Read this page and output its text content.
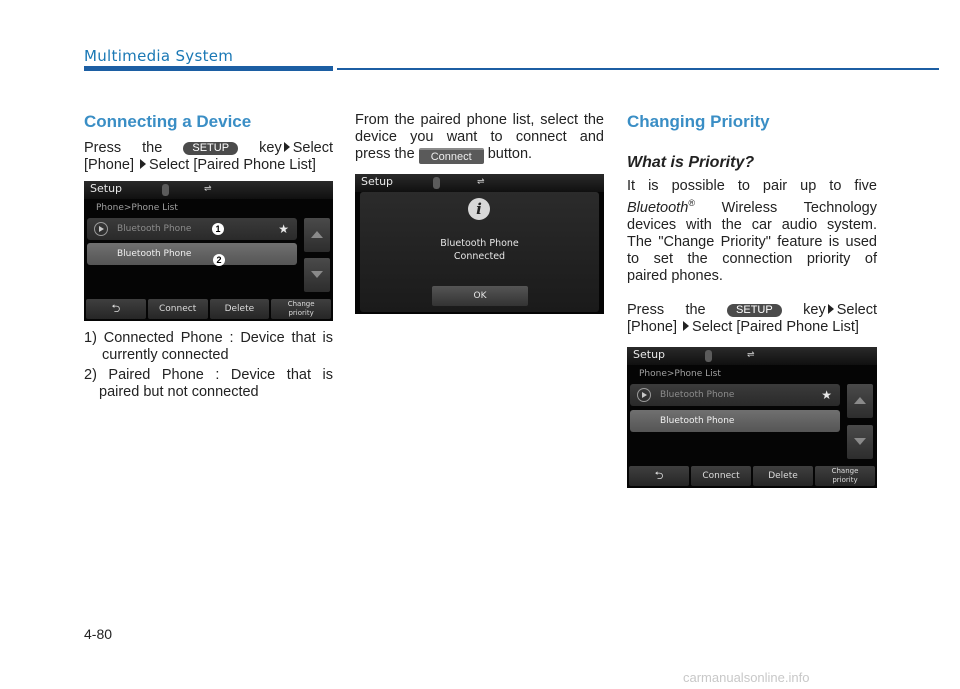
Multimedia System
Connecting a Device
Press the	SETUP key Select
[Phone] Select [Paired Phone List]
Setup	⇌
Phone>Phone List
Bluetooth Phone	★
Bluetooth Phone
1
2
⮌	Connect	Delete	Change
priority
1) Connected Phone : Device that is
currently connected
2) Paired Phone : Device that is
paired but not connected
From the paired phone list, select the
device you want to connect and
press the Connect button.
Setup	⇌
i
Bluetooth Phone
Connected
OK
Changing Priority
What is Priority?
It is possible to pair up to five
Bluetooth® Wireless Technology
devices with the car audio system.
The "Change Priority" feature is used
to set the connection priority of
paired phones.
Press the	SETUP key Select
[Phone] Select [Paired Phone List]
Setup	⇌
Phone>Phone List
Bluetooth Phone	★
Bluetooth Phone
⮌	Connect	Delete	Change
priority
4-80
carmanualsonline.info
